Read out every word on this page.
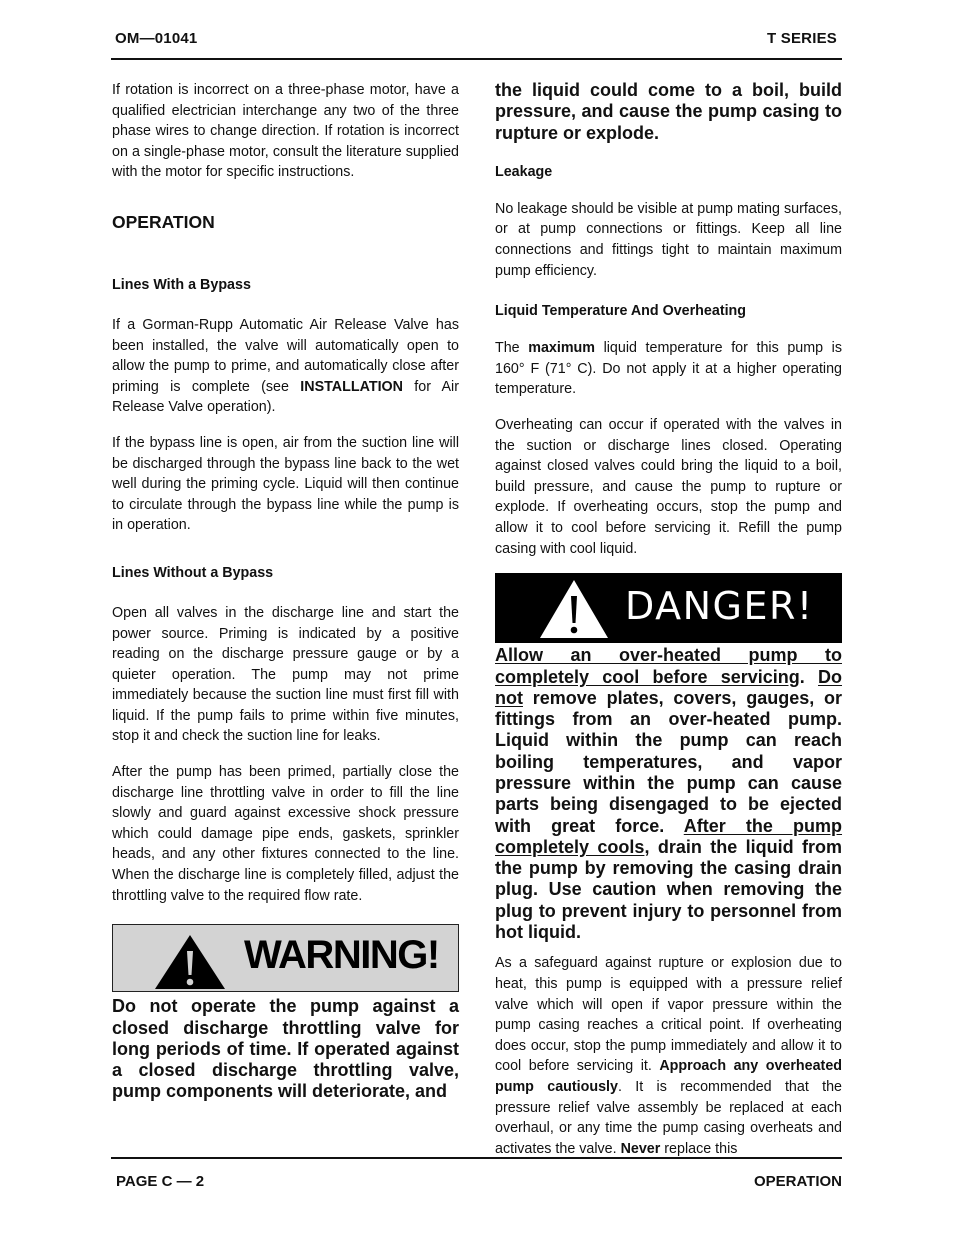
OM—01041	T SERIES

If rotation is incorrect on a three-phase motor, have a qualified electrician interchange any two of the three phase wires to change direction. If rotation is incorrect on a single-phase motor, consult the literature supplied with the motor for specific instructions.

OPERATION
Lines With a Bypass

If a Gorman-Rupp Automatic Air Release Valve has been installed, the valve will automatically open to allow the pump to prime, and automatically close after priming is complete (see INSTALLATION for Air Release Valve operation).

If the bypass line is open, air from the suction line will be discharged through the bypass line back to the wet well during the priming cycle. Liquid will then continue to circulate through the bypass line while the pump is in operation.

Lines Without a Bypass

Open all valves in the discharge line and start the power source. Priming is indicated by a positive reading on the discharge pressure gauge or by a quieter operation. The pump may not prime immediately because the suction line must first fill with liquid. If the pump fails to prime within five minutes, stop it and check the suction line for leaks.

After the pump has been primed, partially close the discharge line throttling valve in order to fill the line slowly and guard against excessive shock pressure which could damage pipe ends, gaskets, sprinkler heads, and any other fixtures connected to the line. When the discharge line is completely filled, adjust the throttling valve to the required flow rate.

WARNING!

Do not operate the pump against a closed discharge throttling valve for long periods of time. If operated against a closed discharge throttling valve, pump components will deteriorate, and

the liquid could come to a boil, build pressure, and cause the pump casing to rupture or explode.

Leakage

No leakage should be visible at pump mating surfaces, or at pump connections or fittings. Keep all line connections and fittings tight to maintain maximum pump efficiency.

Liquid Temperature And Overheating

The maximum liquid temperature for this pump is 160° F (71° C). Do not apply it at a higher operating temperature.

Overheating can occur if operated with the valves in the suction or discharge lines closed. Operating against closed valves could bring the liquid to a boil, build pressure, and cause the pump to rupture or explode. If overheating occurs, stop the pump and allow it to cool before servicing it. Refill the pump casing with cool liquid.

DANGER!

Allow an over-heated pump to completely cool before servicing. Do not remove plates, covers, gauges, or fittings from an over-heated pump. Liquid within the pump can reach boiling temperatures, and vapor pressure within the pump can cause parts being disengaged to be ejected with great force. After the pump completely cools, drain the liquid from the pump by removing the casing drain plug. Use caution when removing the plug to prevent injury to personnel from hot liquid.

As a safeguard against rupture or explosion due to heat, this pump is equipped with a pressure relief valve which will open if vapor pressure within the pump casing reaches a critical point. If overheating does occur, stop the pump immediately and allow it to cool before servicing it. Approach any overheated pump cautiously. It is recommended that the pressure relief valve assembly be replaced at each overhaul, or any time the pump casing overheats and activates the valve. Never replace this

PAGE C — 2	OPERATION
